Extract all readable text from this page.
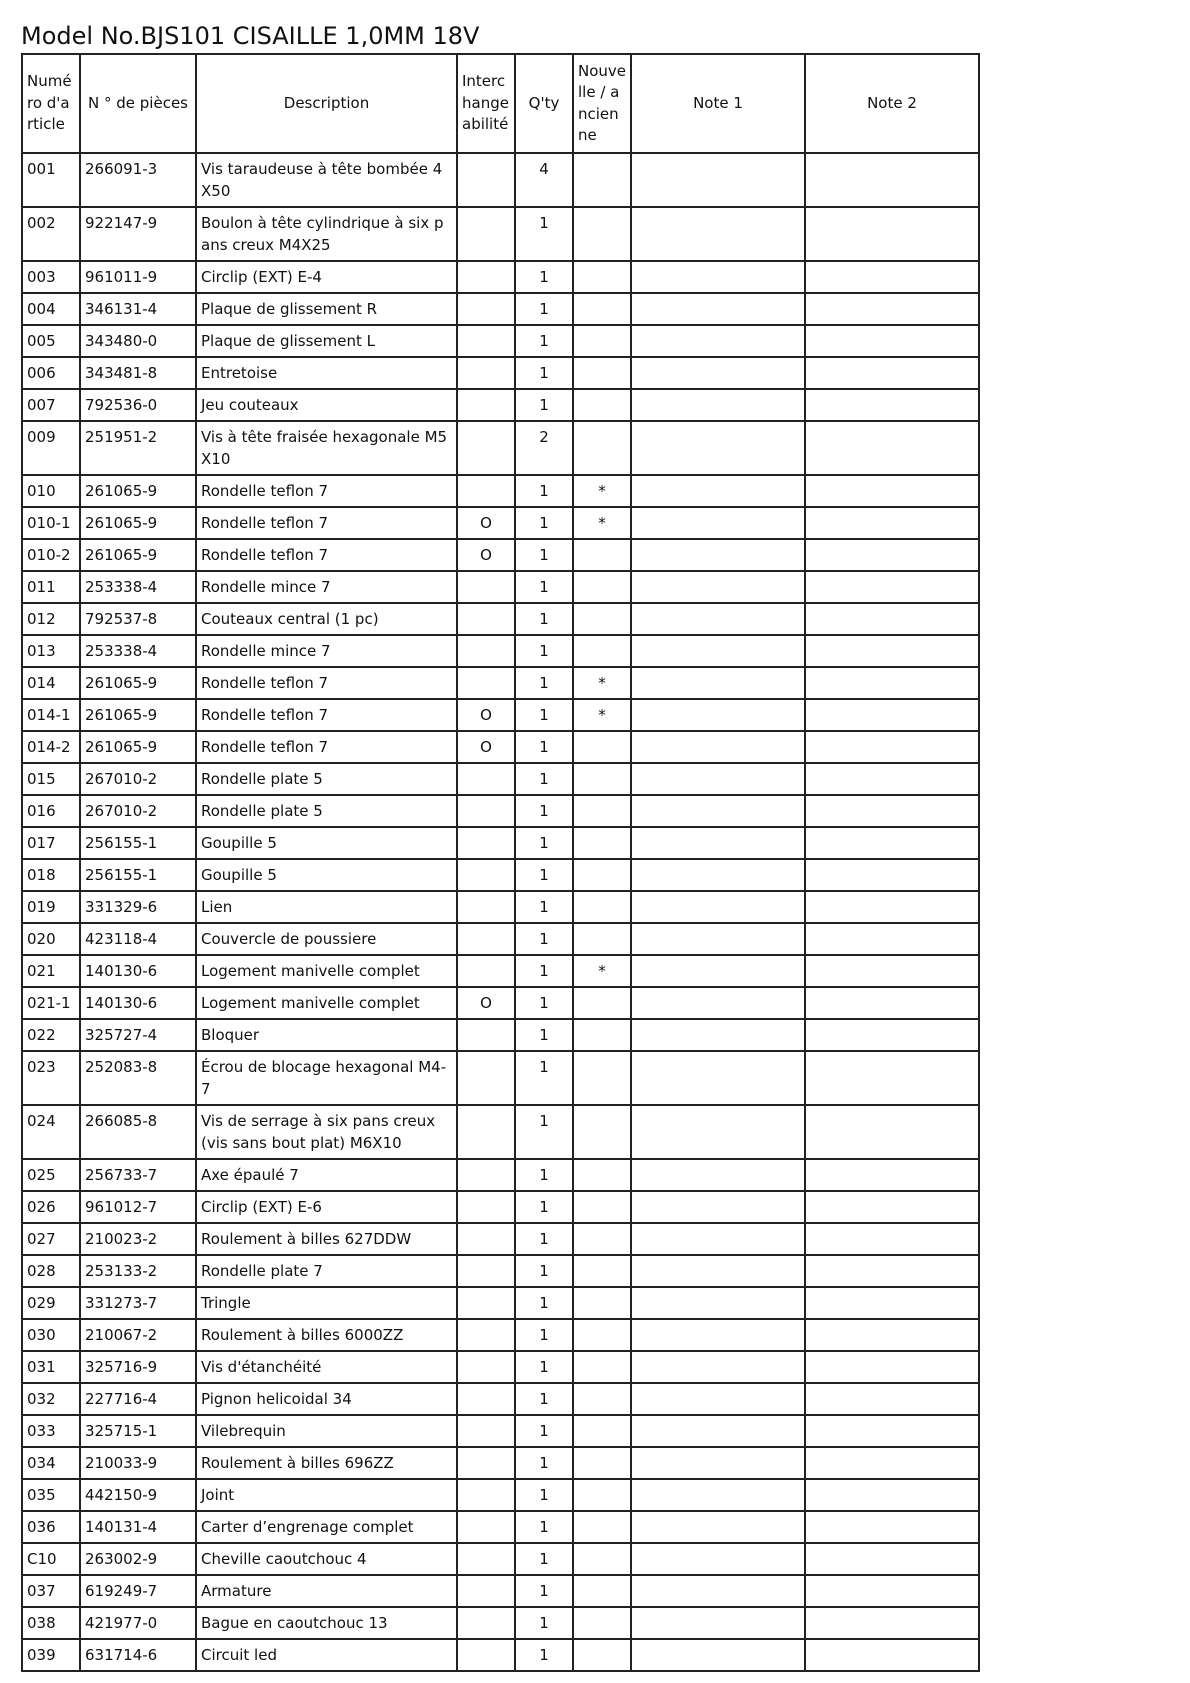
Model No.BJS101 CISAILLE 1,0MM 18V
Numéro d'article	N ° de pièces	Description	Interchangeabilité	Q'ty	Nouvelle / ancienne	Note 1	Note 2
001	266091-3	Vis taraudeuse à tête bombée 4X50		4			
002	922147-9	Boulon à tête cylindrique à six pans creux M4X25		1			
003	961011-9	Circlip (EXT) E-4		1			
004	346131-4	Plaque de glissement R		1			
005	343480-0	Plaque de glissement L		1			
006	343481-8	Entretoise		1			
007	792536-0	Jeu couteaux		1			
009	251951-2	Vis à tête fraisée hexagonale M5X10		2			
010	261065-9	Rondelle teflon 7		1	*		
010-1	261065-9	Rondelle teflon 7	O	1	*		
010-2	261065-9	Rondelle teflon 7	O	1			
011	253338-4	Rondelle mince 7		1			
012	792537-8	Couteaux central (1 pc)		1			
013	253338-4	Rondelle mince 7		1			
014	261065-9	Rondelle teflon 7		1	*		
014-1	261065-9	Rondelle teflon 7	O	1	*		
014-2	261065-9	Rondelle teflon 7	O	1			
015	267010-2	Rondelle plate 5		1			
016	267010-2	Rondelle plate 5		1			
017	256155-1	Goupille 5		1			
018	256155-1	Goupille 5		1			
019	331329-6	Lien		1			
020	423118-4	Couvercle de poussiere		1			
021	140130-6	Logement manivelle complet		1	*		
021-1	140130-6	Logement manivelle complet	O	1			
022	325727-4	Bloquer		1			
023	252083-8	Écrou de blocage hexagonal M4-7		1			
024	266085-8	Vis de serrage à six pans creux (vis sans bout plat) M6X10		1			
025	256733-7	Axe épaulé 7		1			
026	961012-7	Circlip (EXT) E-6		1			
027	210023-2	Roulement à billes 627DDW		1			
028	253133-2	Rondelle plate 7		1			
029	331273-7	Tringle		1			
030	210067-2	Roulement à billes 6000ZZ		1			
031	325716-9	Vis d'étanchéité		1			
032	227716-4	Pignon helicoidal 34		1			
033	325715-1	Vilebrequin		1			
034	210033-9	Roulement à billes 696ZZ		1			
035	442150-9	Joint		1			
036	140131-4	Carter d’engrenage complet		1			
C10	263002-9	Cheville caoutchouc 4		1			
037	619249-7	Armature		1			
038	421977-0	Bague en caoutchouc 13		1			
039	631714-6	Circuit led		1			
